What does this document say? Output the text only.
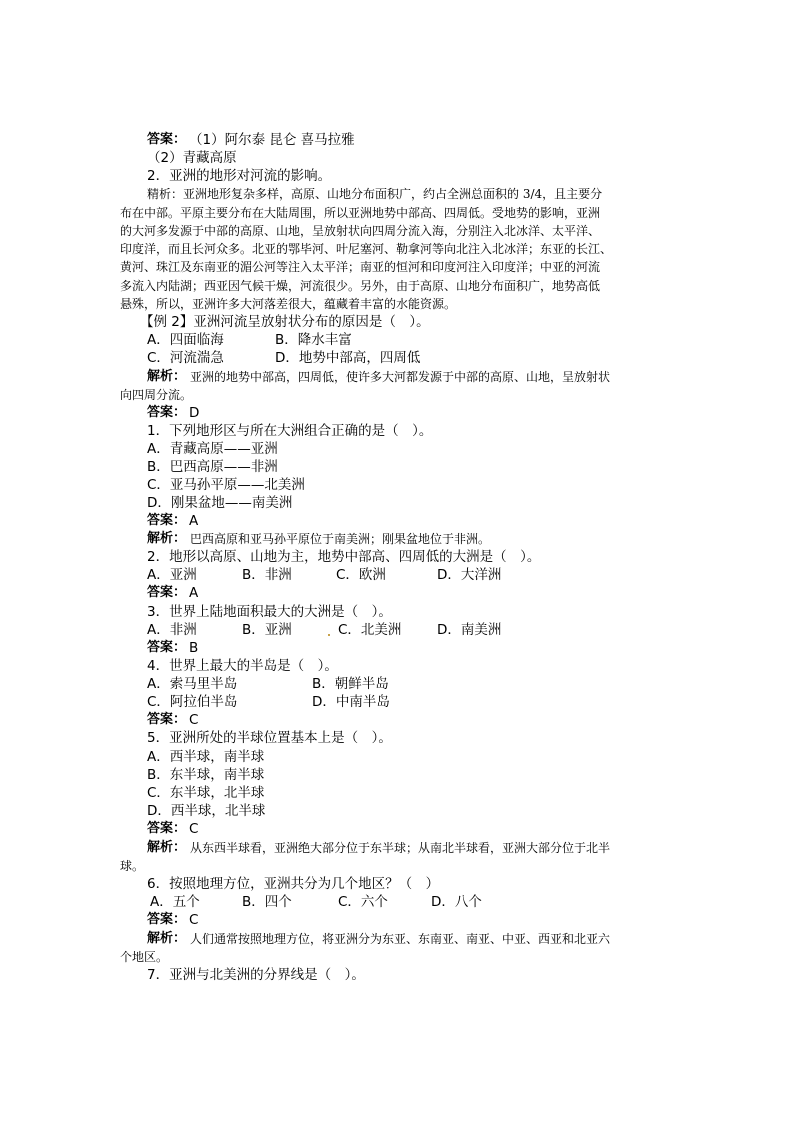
答案： （1）阿尔泰 昆仑 喜马拉雅
（2）青藏高原
2．亚洲的地形对河流的影响。
精析：亚洲地形复杂多样，高原、山地分布面积广，约占全洲总面积的 3/4，且主要分
布在中部。平原主要分布在大陆周围，所以亚洲地势中部高、四周低。受地势的影响，亚洲
的大河多发源于中部的高原、山地，呈放射状向四周分流入海，分别注入北冰洋、太平洋、
印度洋，而且长河众多。北亚的鄂毕河、叶尼塞河、勒拿河等向北注入北冰洋；东亚的长江、
黄河、珠江及东南亚的湄公河等注入太平洋；南亚的恒河和印度河注入印度洋；中亚的河流
多流入内陆湖；西亚因气候干燥，河流很少。另外，由于高原、山地分布面积广，地势高低
悬殊，所以，亚洲许多大河落差很大，蕴藏着丰富的水能资源。
【例 2】亚洲河流呈放射状分布的原因是（　）。
A．四面临海	B．降水丰富
C．河流湍急	D．地势中部高，四周低
解析： 亚洲的地势中部高，四周低，使许多大河都发源于中部的高原、山地，呈放射状
向四周分流。
答案： D
1．下列地形区与所在大洲组合正确的是（　）。
A．青藏高原——亚洲
B．巴西高原——非洲
C．亚马孙平原——北美洲
D．刚果盆地——南美洲
答案： A
解析： 巴西高原和亚马孙平原位于南美洲；刚果盆地位于非洲。
2．地形以高原、山地为主，地势中部高、四周低的大洲是（　）。
A．亚洲	B．非洲	C．欧洲	D．大洋洲
答案： A
3．世界上陆地面积最大的大洲是（　）。
A．非洲	B．亚洲	C．北美洲	D．南美洲
答案： B
4．世界上最大的半岛是（　）。
A．索马里半岛	B．朝鲜半岛
C．阿拉伯半岛	D．中南半岛
答案： C
5．亚洲所处的半球位置基本上是（　）。
A．西半球，南半球
B．东半球，南半球
C．东半球，北半球
D．西半球，北半球
答案： C
解析： 从东西半球看，亚洲绝大部分位于东半球；从南北半球看，亚洲大部分位于北半
球。
6．按照地理方位，亚洲共分为几个地区？（　）
A．五个	B．四个	C．六个	D．八个
答案： C
解析： 人们通常按照地理方位，将亚洲分为东亚、东南亚、南亚、中亚、西亚和北亚六
个地区。
7．亚洲与北美洲的分界线是（　）。
